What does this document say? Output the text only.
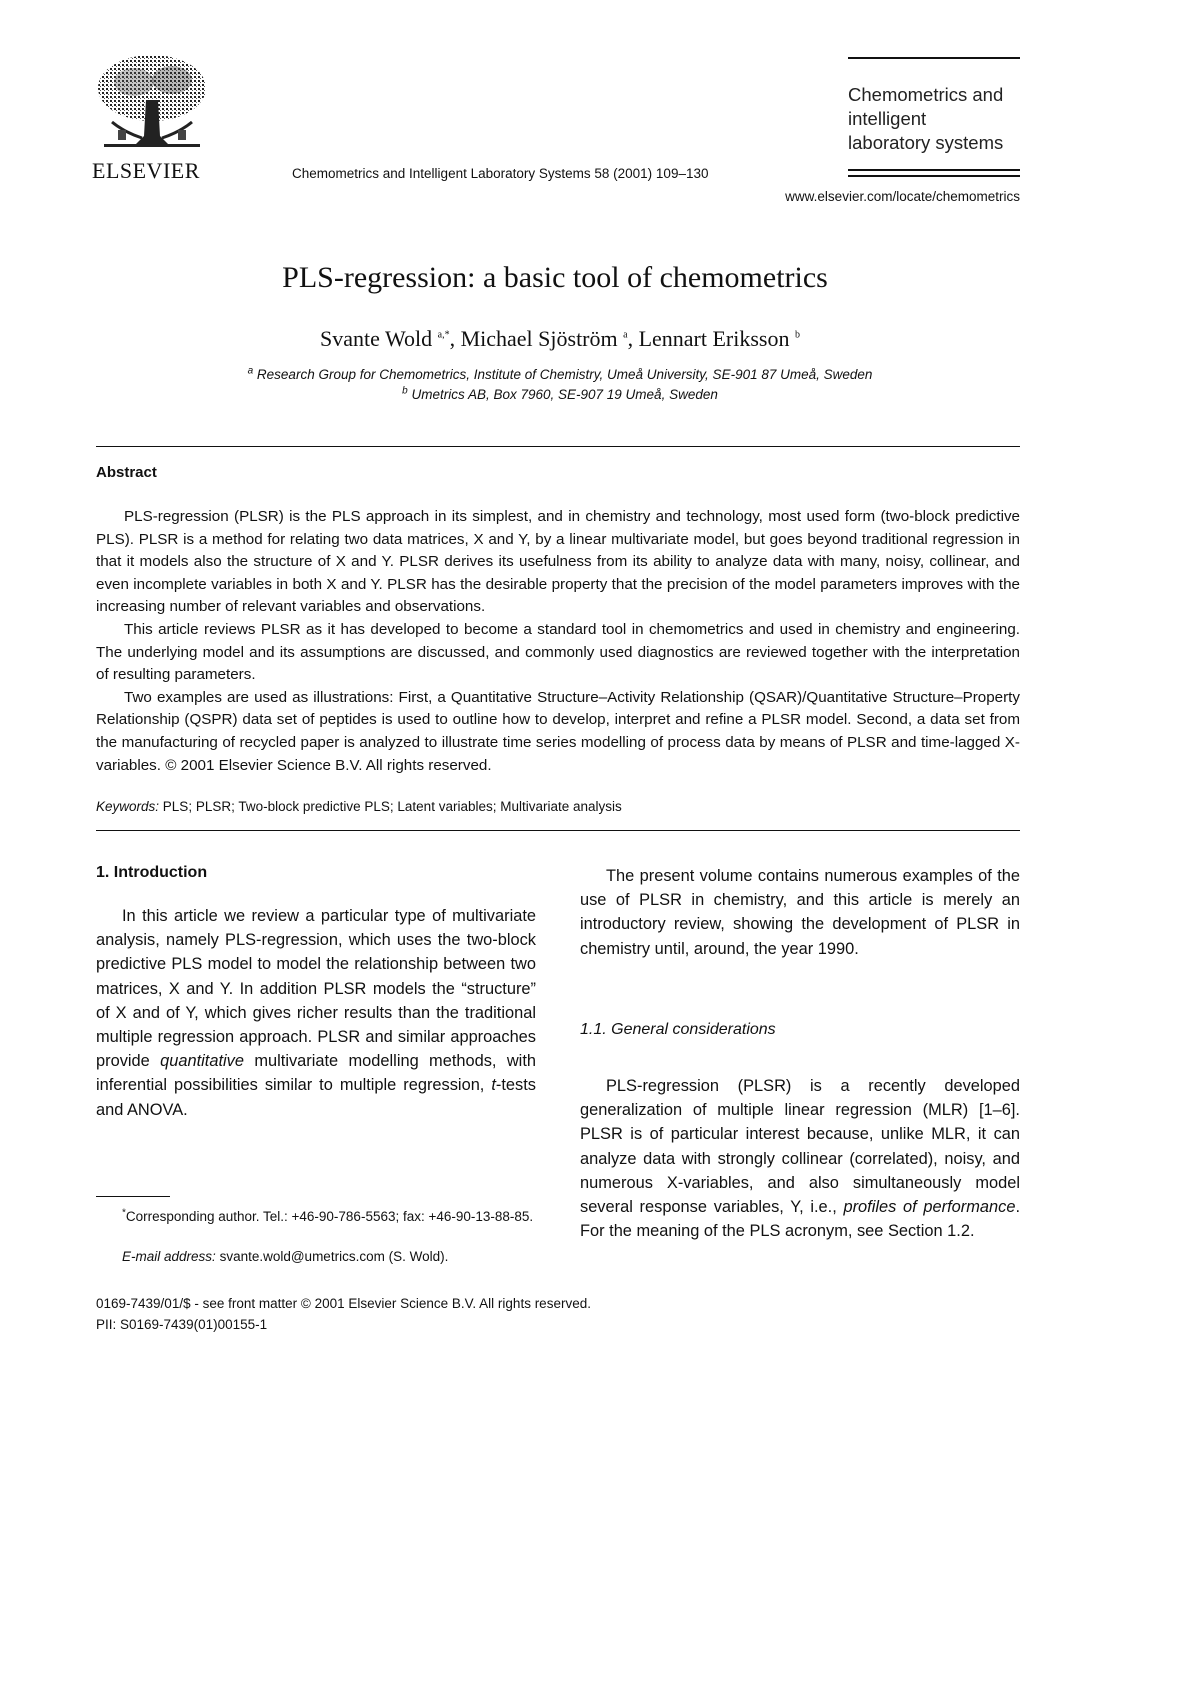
ELSEVIER	Chemometrics and Intelligent Laboratory Systems 58 (2001) 109–130
Chemometrics and
intelligent
laboratory systems
www.elsevier.com/locate/chemometrics
PLS-regression: a basic tool of chemometrics
Svante Wold $^{a,*}$, Michael Sjöström $^a$, Lennart Eriksson $^b$
$^a$ Research Group for Chemometrics, Institute of Chemistry, Umeå University, SE-901 87 Umeå, Sweden
$^b$ Umetrics AB, Box 7960, SE-907 19 Umeå, Sweden
Abstract
PLS-regression (PLSR) is the PLS approach in its simplest, and in chemistry and technology, most used form (two-block predictive PLS). PLSR is a method for relating two data matrices, X and Y, by a linear multivariate model, but goes beyond traditional regression in that it models also the structure of X and Y. PLSR derives its usefulness from its ability to analyze data with many, noisy, collinear, and even incomplete variables in both X and Y. PLSR has the desirable property that the precision of the model parameters improves with the increasing number of relevant variables and observations.
This article reviews PLSR as it has developed to become a standard tool in chemometrics and used in chemistry and engineering. The underlying model and its assumptions are discussed, and commonly used diagnostics are reviewed together with the interpretation of resulting parameters.
Two examples are used as illustrations: First, a Quantitative Structure–Activity Relationship (QSAR)/Quantitative Structure–Property Relationship (QSPR) data set of peptides is used to outline how to develop, interpret and refine a PLSR model. Second, a data set from the manufacturing of recycled paper is analyzed to illustrate time series modelling of process data by means of PLSR and time-lagged X-variables. © 2001 Elsevier Science B.V. All rights reserved.
Keywords: PLS; PLSR; Two-block predictive PLS; Latent variables; Multivariate analysis
1. Introduction
In this article we review a particular type of multivariate analysis, namely PLS-regression, which uses the two-block predictive PLS model to model the relationship between two matrices, X and Y. In addition PLSR models the “structure” of X and of Y, which gives richer results than the traditional multiple regression approach. PLSR and similar approaches provide quantitative multivariate modelling methods, with inferential possibilities similar to multiple regression, t-tests and ANOVA.
*Corresponding author. Tel.: +46-90-786-5563; fax: +46-90-13-88-85.
E-mail address: svante.wold@umetrics.com (S. Wold).
The present volume contains numerous examples of the use of PLSR in chemistry, and this article is merely an introductory review, showing the development of PLSR in chemistry until, around, the year 1990.
1.1. General considerations
PLS-regression (PLSR) is a recently developed generalization of multiple linear regression (MLR) [1–6]. PLSR is of particular interest because, unlike MLR, it can analyze data with strongly collinear (correlated), noisy, and numerous X-variables, and also simultaneously model several response variables, Y, i.e., profiles of performance. For the meaning of the PLS acronym, see Section 1.2.
0169-7439/01/$ - see front matter © 2001 Elsevier Science B.V. All rights reserved.
PII: S0169-7439(01)00155-1
